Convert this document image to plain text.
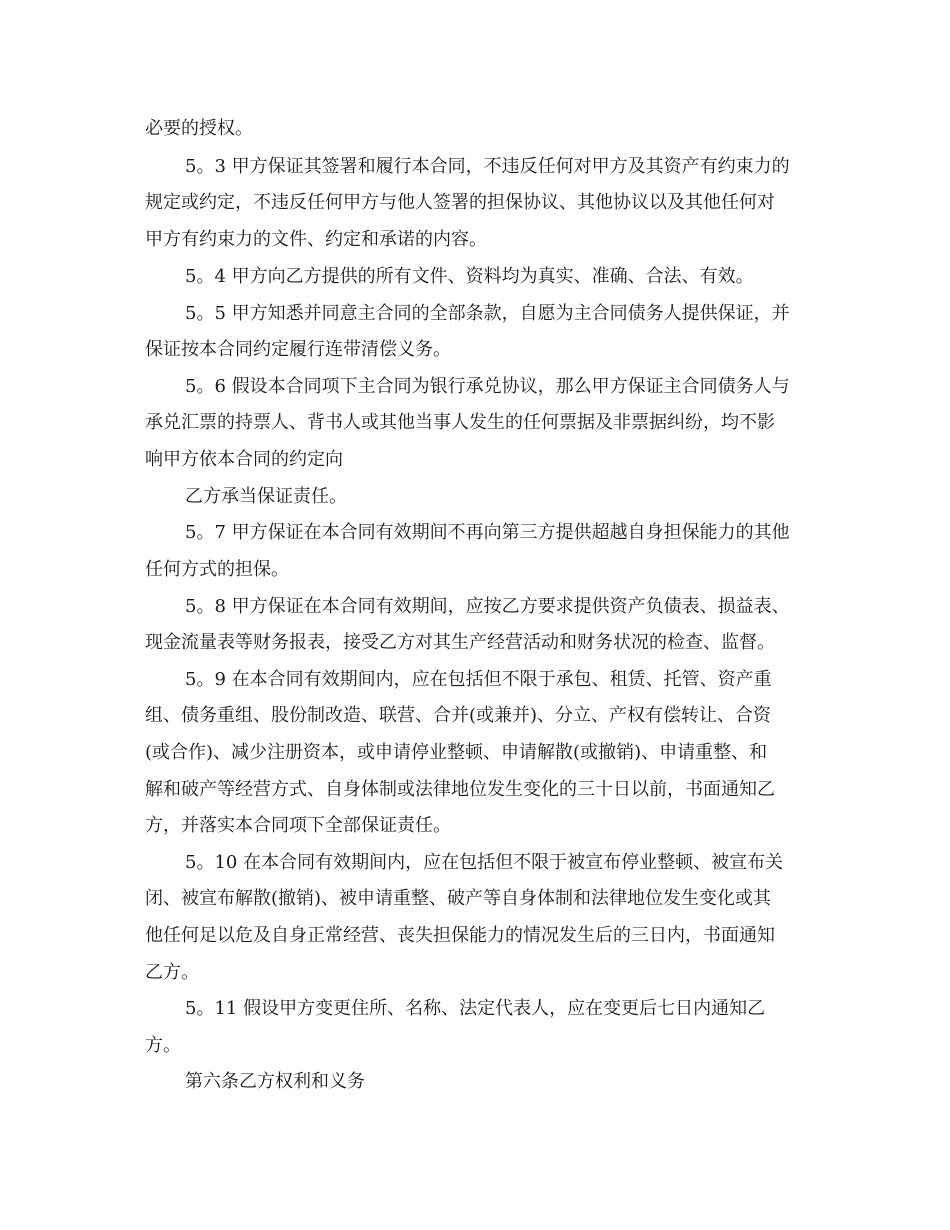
必要的授权。

5。3 甲方保证其签署和履行本合同，不违反任何对甲方及其资产有约束力的

规定或约定，不违反任何甲方与他人签署的担保协议、其他协议以及其他任何对

甲方有约束力的文件、约定和承诺的内容。

5。4 甲方向乙方提供的所有文件、资料均为真实、准确、合法、有效。

5。5 甲方知悉并同意主合同的全部条款，自愿为主合同债务人提供保证，并

保证按本合同约定履行连带清偿义务。

5。6 假设本合同项下主合同为银行承兑协议，那么甲方保证主合同债务人与

承兑汇票的持票人、背书人或其他当事人发生的任何票据及非票据纠纷，均不影

响甲方依本合同的约定向

乙方承当保证责任。

5。7 甲方保证在本合同有效期间不再向第三方提供超越自身担保能力的其他

任何方式的担保。

5。8 甲方保证在本合同有效期间，应按乙方要求提供资产负债表、损益表、

现金流量表等财务报表，接受乙方对其生产经营活动和财务状况的检查、监督。

5。9 在本合同有效期间内，应在包括但不限于承包、租赁、托管、资产重

组、债务重组、股份制改造、联营、合并(或兼并)、分立、产权有偿转让、合资

(或合作)、减少注册资本，或申请停业整顿、申请解散(或撤销)、申请重整、和

解和破产等经营方式、自身体制或法律地位发生变化的三十日以前，书面通知乙

方，并落实本合同项下全部保证责任。

5。10 在本合同有效期间内，应在包括但不限于被宣布停业整顿、被宣布关

闭、被宣布解散(撤销)、被申请重整、破产等自身体制和法律地位发生变化或其

他任何足以危及自身正常经营、丧失担保能力的情况发生后的三日内，书面通知

乙方。

5。11 假设甲方变更住所、名称、法定代表人，应在变更后七日内通知乙

方。

第六条乙方权利和义务
